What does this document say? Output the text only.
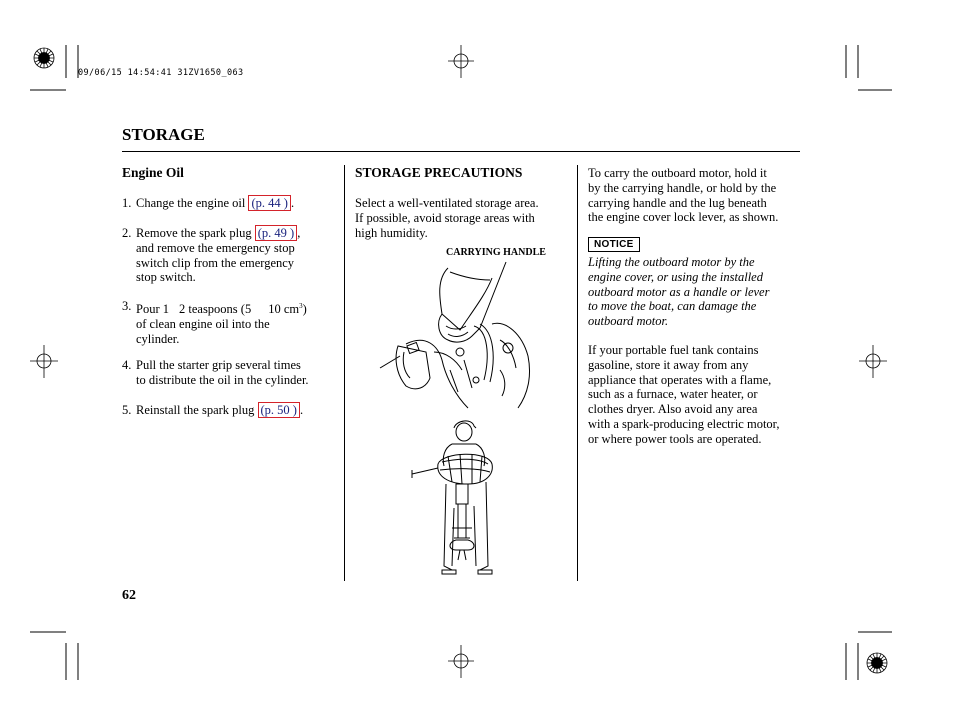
09/06/15 14:54:41 31ZV1650_063
STORAGE
Engine Oil
1. Change the engine oil (p. 44 ) .
2. Remove the spark plug (p. 49 ) ,
and remove the emergency stop
switch clip from the emergency
stop switch.
3. Pour 1 2 teaspoons (5 10 $cm^3$)
of clean engine oil into the
cylinder.
4. Pull the starter grip several times
to distribute the oil in the cylinder.
5. Reinstall the spark plug (p. 50 ) .
STORAGE PRECAUTIONS
Select a well-ventilated storage area.
If possible, avoid storage areas with
high humidity.
CARRYING HANDLE
To carry the outboard motor, hold it
by the carrying handle, or hold by the
carrying handle and the lug beneath
the engine cover lock lever, as shown.
NOTICE
Lifting the outboard motor by the
engine cover, or using the installed
outboard motor as a handle or lever
to move the boat, can damage the
outboard motor.
If your portable fuel tank contains
gasoline, store it away from any
appliance that operates with a flame,
such as a furnace, water heater, or
clothes dryer. Also avoid any area
with a spark-producing electric motor,
or where power tools are operated.
62
